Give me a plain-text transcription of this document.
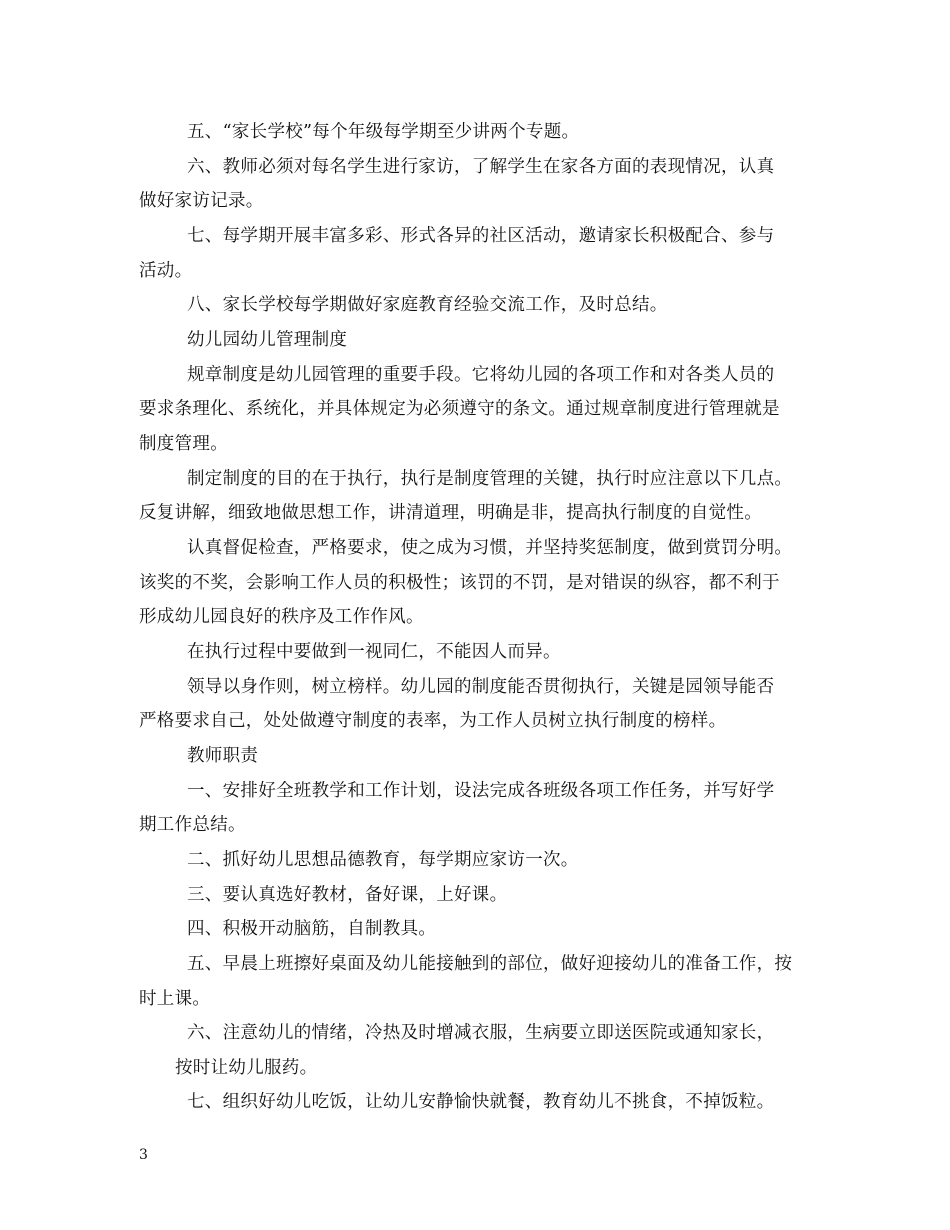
五、“家长学校”每个年级每学期至少讲两个专题。
六、教师必须对每名学生进行家访，了解学生在家各方面的表现情况，认真
做好家访记录。
七、每学期开展丰富多彩、形式各异的社区活动，邀请家长积极配合、参与
活动。
八、家长学校每学期做好家庭教育经验交流工作，及时总结。
幼儿园幼儿管理制度
规章制度是幼儿园管理的重要手段。它将幼儿园的各项工作和对各类人员的
要求条理化、系统化，并具体规定为必须遵守的条文。通过规章制度进行管理就是
制度管理。
制定制度的目的在于执行，执行是制度管理的关键，执行时应注意以下几点。
反复讲解，细致地做思想工作，讲清道理，明确是非，提高执行制度的自觉性。
认真督促检查，严格要求，使之成为习惯，并坚持奖惩制度，做到赏罚分明。
该奖的不奖，会影响工作人员的积极性；该罚的不罚，是对错误的纵容，都不利于
形成幼儿园良好的秩序及工作作风。
在执行过程中要做到一视同仁，不能因人而异。
领导以身作则，树立榜样。幼儿园的制度能否贯彻执行，关键是园领导能否
严格要求自己，处处做遵守制度的表率，为工作人员树立执行制度的榜样。
教师职责
一、安排好全班教学和工作计划，设法完成各班级各项工作任务，并写好学
期工作总结。
二、抓好幼儿思想品德教育，每学期应家访一次。
三、要认真选好教材，备好课，上好课。
四、积极开动脑筋，自制教具。
五、早晨上班擦好桌面及幼儿能接触到的部位，做好迎接幼儿的准备工作，按
时上课。
六、注意幼儿的情绪，冷热及时增减衣服，生病要立即送医院或通知家长，
按时让幼儿服药。
七、组织好幼儿吃饭，让幼儿安静愉快就餐，教育幼儿不挑食，不掉饭粒。
3
